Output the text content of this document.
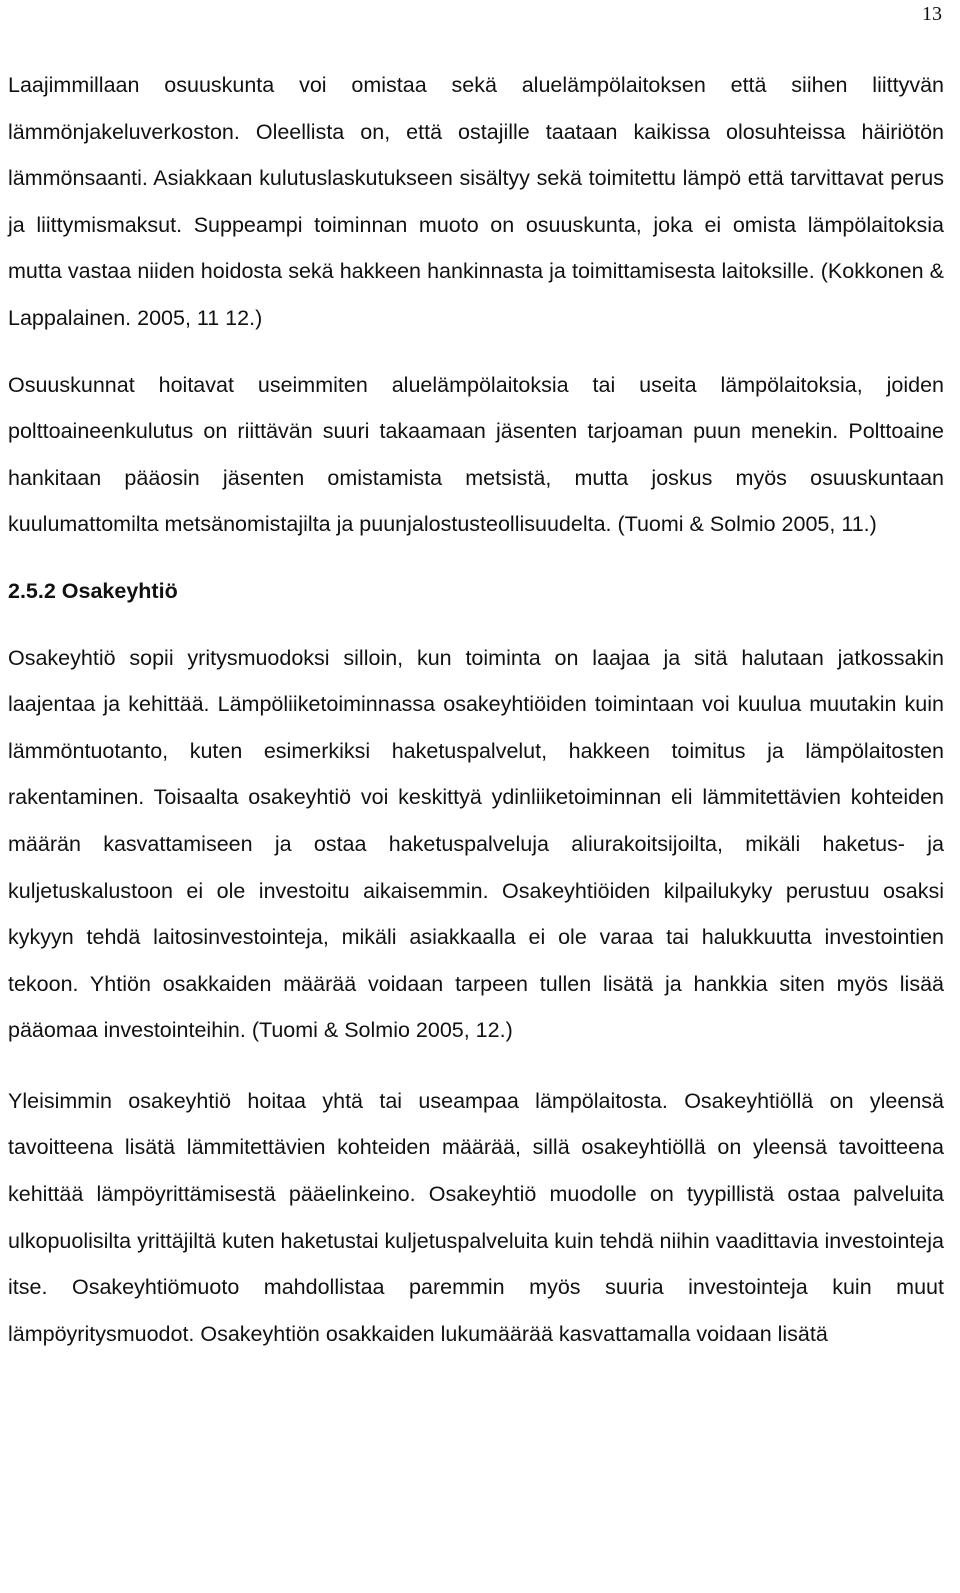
13

Laajimmillaan osuuskunta voi omistaa sekä aluelämpölaitoksen että siihen liittyvän lämmönjakeluverkoston. Oleellista on, että ostajille taataan kaikissa olosuhteissa häiriötön lämmönsaanti. Asiakkaan kulutuslaskutukseen sisältyy sekä toimitettu lämpö että tarvittavat perus ja liittymismaksut. Suppeampi toiminnan muoto on osuuskunta, joka ei omista lämpölaitoksia mutta vastaa niiden hoidosta sekä hakkeen hankinnasta ja toimittamisesta laitoksille. (Kokkonen & Lappalainen. 2005, 11 12.)

Osuuskunnat hoitavat useimmiten aluelämpölaitoksia tai useita lämpölaitoksia, joiden polttoaineenkulutus on riittävän suuri takaamaan jäsenten tarjoaman puun menekin. Polttoaine hankitaan pääosin jäsenten omistamista metsistä, mutta joskus myös osuuskuntaan kuulumattomilta metsänomistajilta ja puunjalostusteollisuudelta. (Tuomi & Solmio 2005, 11.)

2.5.2 Osakeyhtiö

Osakeyhtiö sopii yritysmuodoksi silloin, kun toiminta on laajaa ja sitä halutaan jatkossakin laajentaa ja kehittää. Lämpöliiketoiminnassa osakeyhtiöiden toimintaan voi kuulua muutakin kuin lämmöntuotanto, kuten esimerkiksi haketuspalvelut, hakkeen toimitus ja lämpölaitosten rakentaminen. Toisaalta osakeyhtiö voi keskittyä ydinliiketoiminnan eli lämmitettävien kohteiden määrän kasvattamiseen ja ostaa haketuspalveluja aliurakoitsijoilta, mikäli haketus- ja kuljetuskalustoon ei ole investoitu aikaisemmin. Osakeyhtiöiden kilpailukyky perustuu osaksi kykyyn tehdä laitosinvestointeja, mikäli asiakkaalla ei ole varaa tai halukkuutta investointien tekoon. Yhtiön osakkaiden määrää voidaan tarpeen tullen lisätä ja hankkia siten myös lisää pääomaa investointeihin. (Tuomi & Solmio 2005, 12.)

Yleisimmin osakeyhtiö hoitaa yhtä tai useampaa lämpölaitosta. Osakeyhtiöllä on yleensä tavoitteena lisätä lämmitettävien kohteiden määrää, sillä osakeyhtiöllä on yleensä tavoitteena kehittää lämpöyrittämisestä pääelinkeino. Osakeyhtiö muodolle on tyypillistä ostaa palveluita ulkopuolisilta yrittäjiltä kuten haketustai kuljetuspalveluita kuin tehdä niihin vaadittavia investointeja itse. Osakeyhtiömuoto mahdollistaa paremmin myös suuria investointeja kuin muut lämpöyritysmuodot. Osakeyhtiön osakkaiden lukumäärää kasvattamalla voidaan lisätä
